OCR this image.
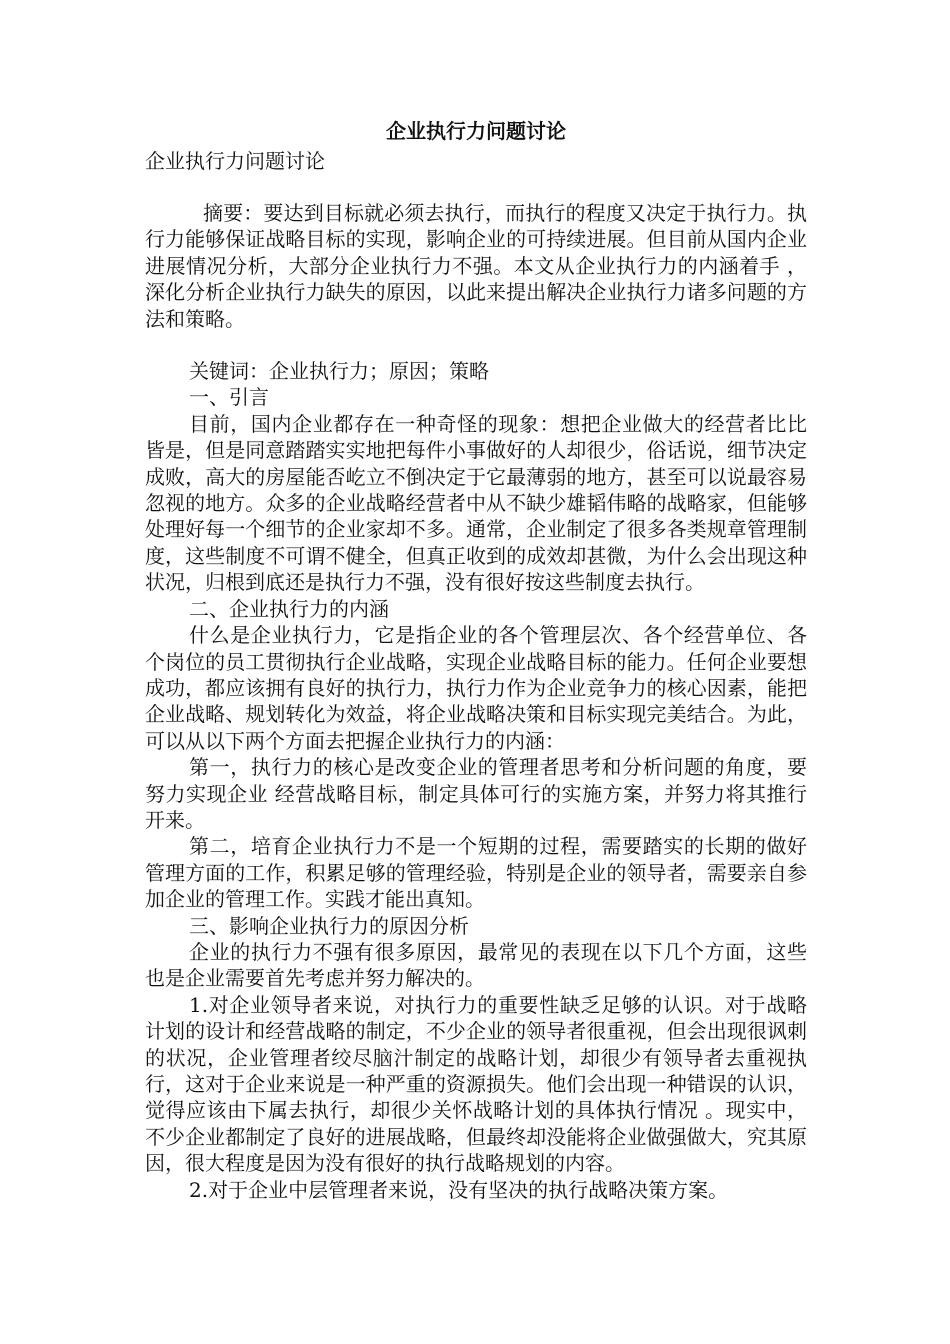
企业执行力问题讨论

企业执行力问题讨论

摘要：要达到目标就必须去执行，而执行的程度又决定于执行力。执行力能够保证战略目标的实现，影响企业的可持续进展。但目前从国内企业进展情况分析，大部分企业执行力不强。本文从企业执行力的内涵着手 ，深化分析企业执行力缺失的原因，以此来提出解决企业执行力诸多问题的方法和策略。

关键词：企业执行力；原因；策略

一、引言

目前，国内企业都存在一种奇怪的现象：想把企业做大的经营者比比皆是，但是同意踏踏实实地把每件小事做好的人却很少，俗话说，细节决定成败，高大的房屋能否屹立不倒决定于它最薄弱的地方，甚至可以说最容易忽视的地方。众多的企业战略经营者中从不缺少雄韬伟略的战略家，但能够处理好每一个细节的企业家却不多。通常，企业制定了很多各类规章管理制度，这些制度不可谓不健全，但真正收到的成效却甚微，为什么会出现这种状况，归根到底还是执行力不强，没有很好按这些制度去执行。

二、企业执行力的内涵

什么是企业执行力，它是指企业的各个管理层次、各个经营单位、各个岗位的员工贯彻执行企业战略，实现企业战略目标的能力。任何企业要想成功，都应该拥有良好的执行力，执行力作为企业竞争力的核心因素，能把企业战略、规划转化为效益，将企业战略决策和目标实现完美结合。为此，可以从以下两个方面去把握企业执行力的内涵：

第一，执行力的核心是改变企业的管理者思考和分析问题的角度，要努力实现企业 经营战略目标，制定具体可行的实施方案，并努力将其推行开来。

第二，培育企业执行力不是一个短期的过程，需要踏实的长期的做好管理方面的工作，积累足够的管理经验，特别是企业的领导者，需要亲自参加企业的管理工作。实践才能出真知。

三、影响企业执行力的原因分析

企业的执行力不强有很多原因，最常见的表现在以下几个方面，这些也是企业需要首先考虑并努力解决的。

1.对企业领导者来说，对执行力的重要性缺乏足够的认识。对于战略计划的设计和经营战略的制定，不少企业的领导者很重视，但会出现很讽刺的状况，企业管理者绞尽脑汁制定的战略计划，却很少有领导者去重视执行，这对于企业来说是一种严重的资源损失。他们会出现一种错误的认识，觉得应该由下属去执行，却很少关怀战略计划的具体执行情况 。现实中，不少企业都制定了良好的进展战略，但最终却没能将企业做强做大，究其原因，很大程度是因为没有很好的执行战略规划的内容。

2.对于企业中层管理者来说，没有坚决的执行战略决策方案。
